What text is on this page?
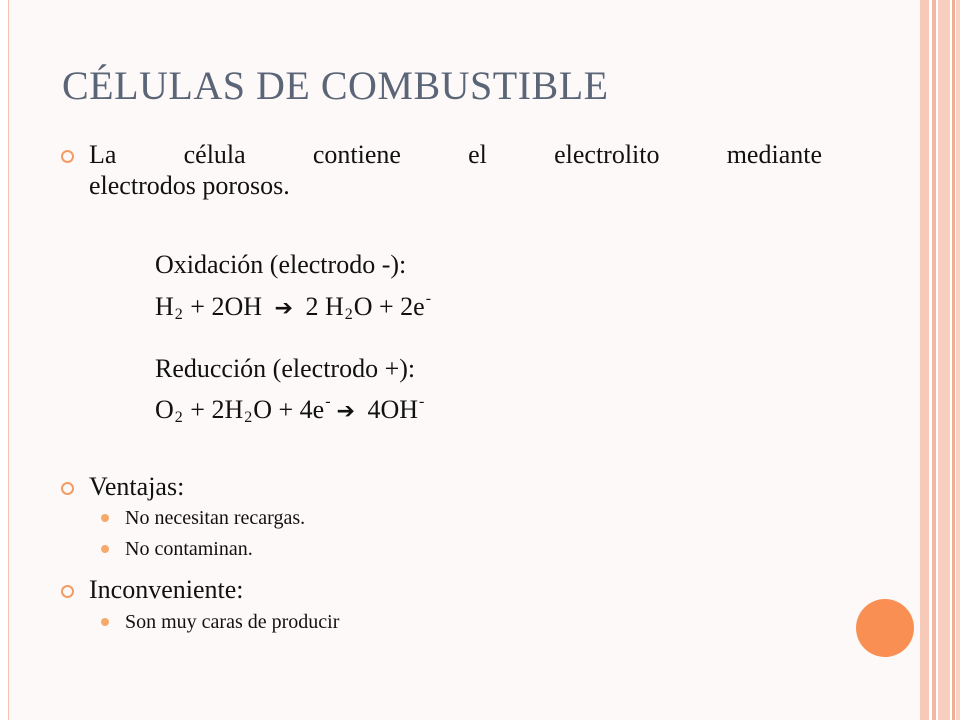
CÉLULAS DE COMBUSTIBLE
La célula contiene el electrolito mediante
electrodos porosos.
Oxidación (electrodo -):
$H_2 + 2OH$ ➔ 2 $H_2O + 2e^-$
Reducción (electrodo +):
$O_2 + 2H_2O + 4e^-$ ➔ 4OH-
Ventajas:
No necesitan recargas.
No contaminan.
Inconveniente:
Son muy caras de producir
